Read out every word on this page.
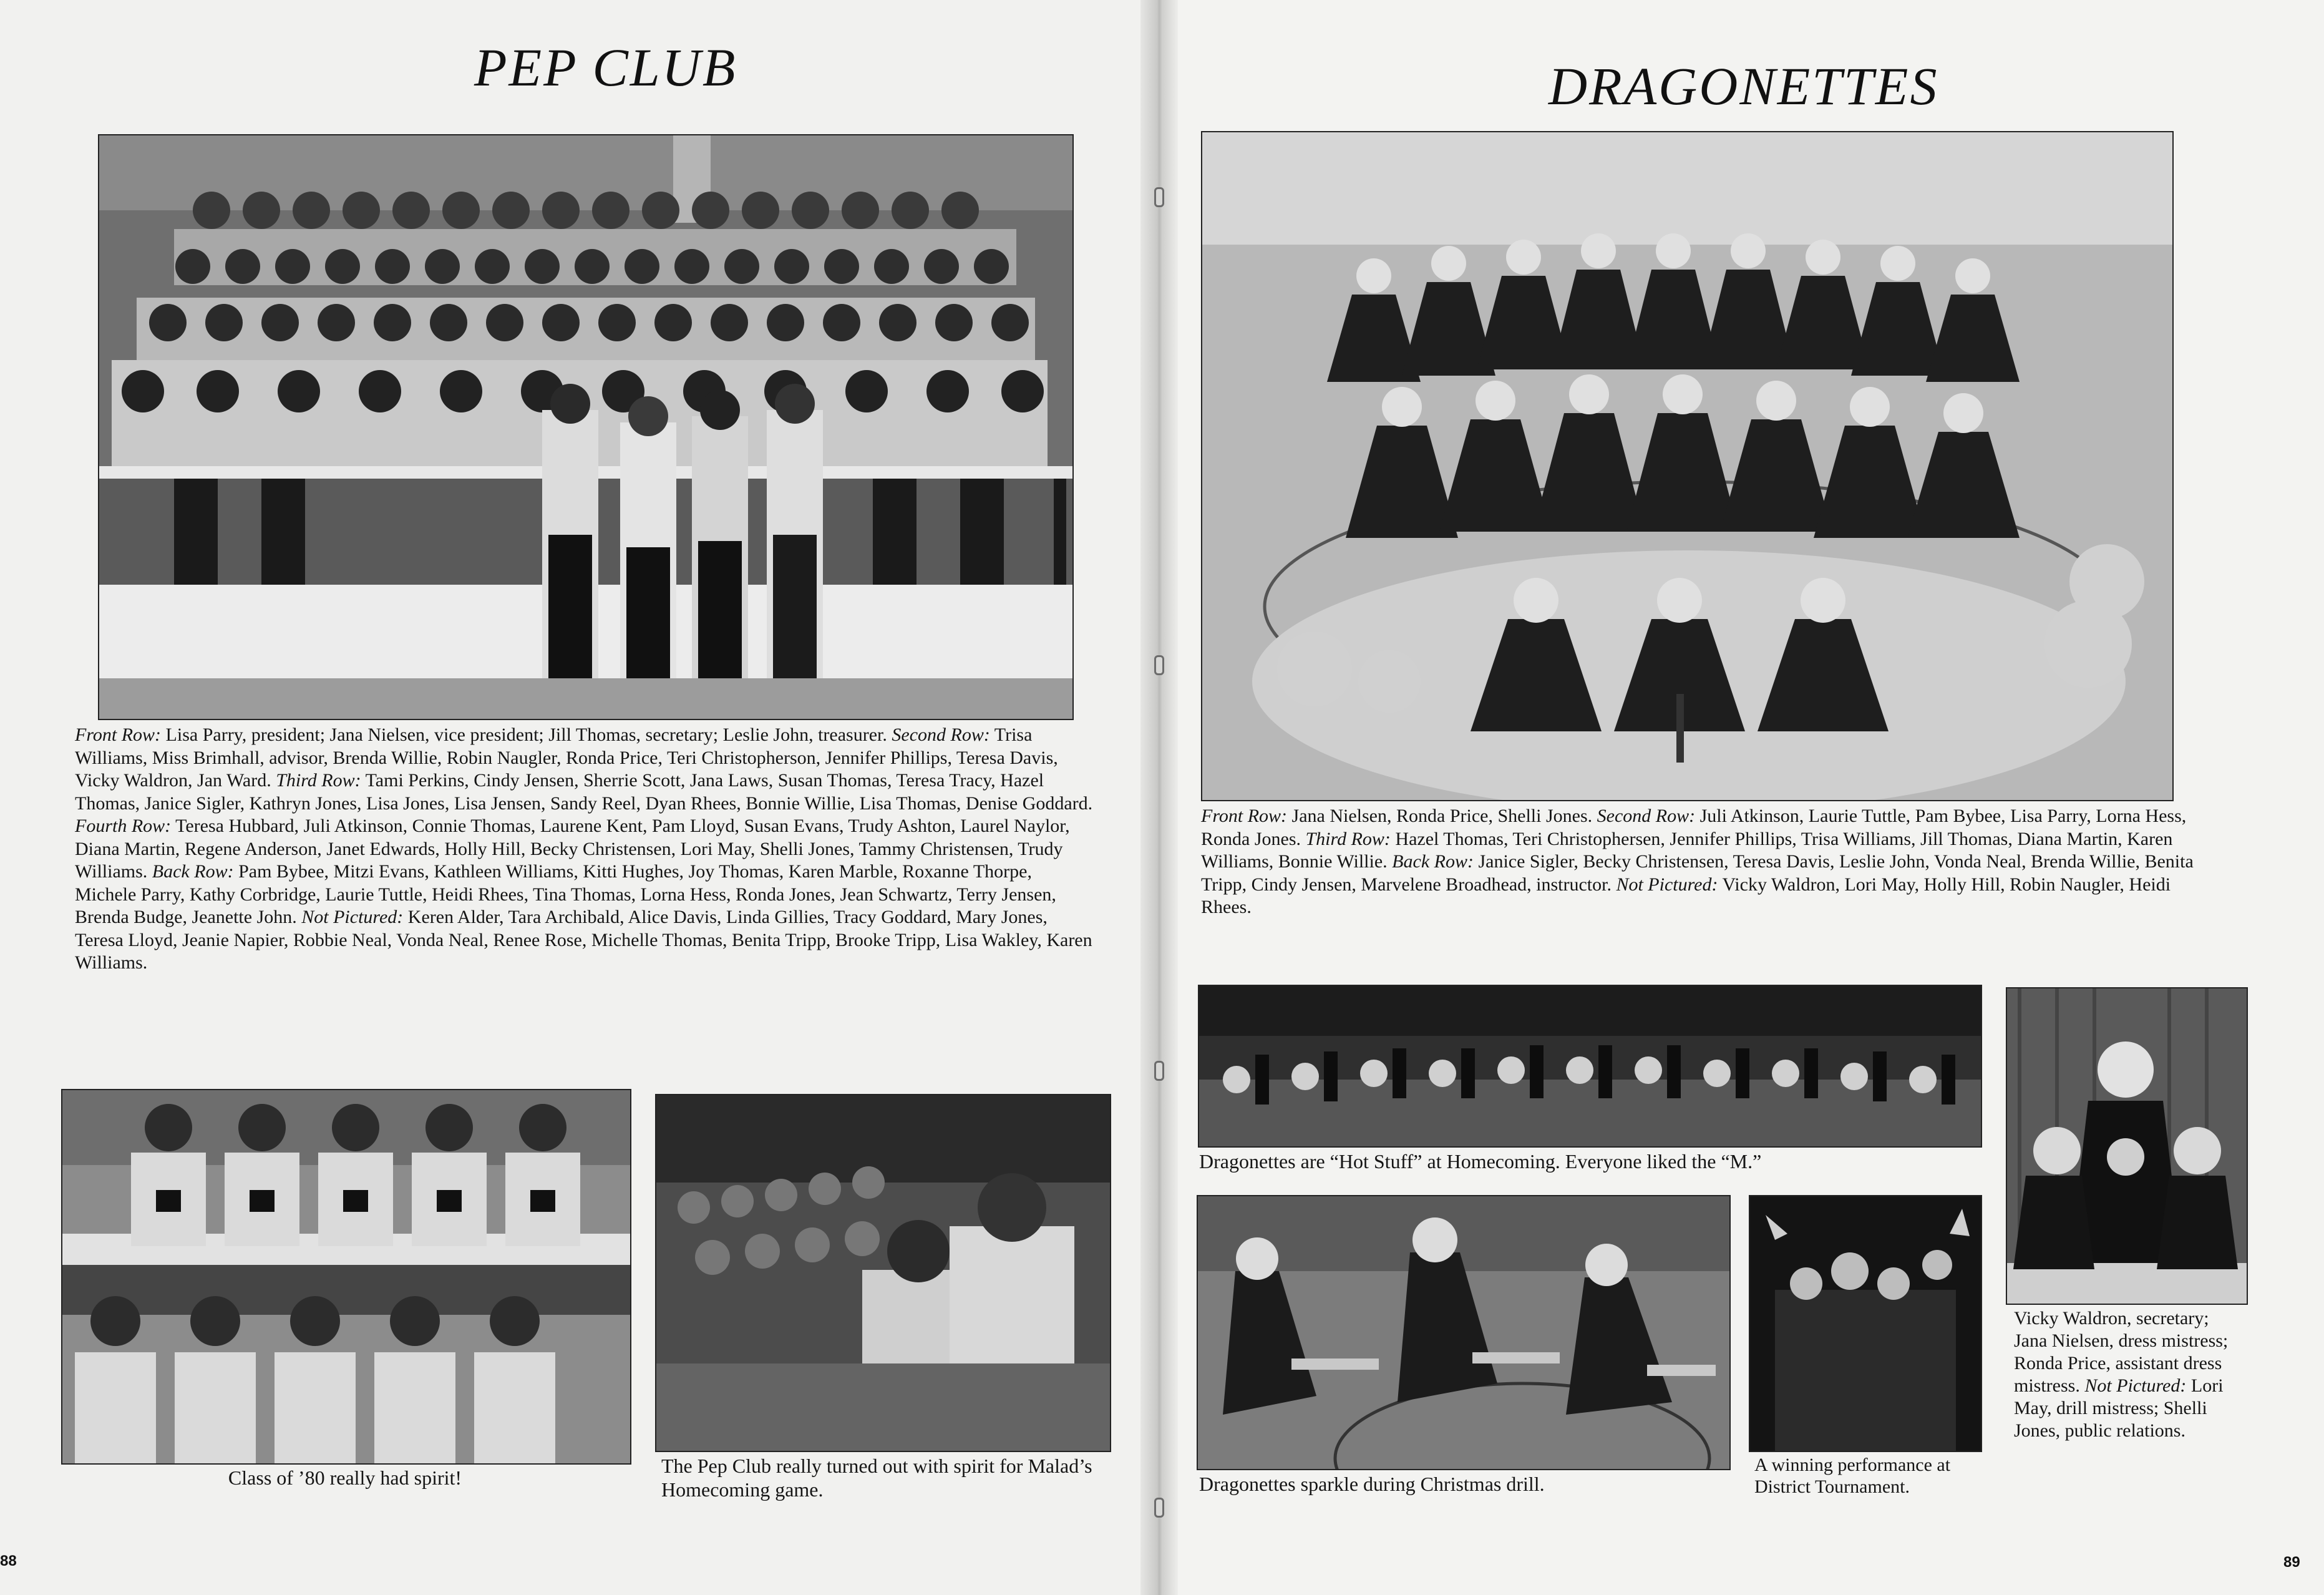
PEP CLUB
Front Row: Lisa Parry, president; Jana Nielsen, vice president; Jill Thomas, secretary; Leslie John, treasurer. Second Row: Trisa Williams, Miss Brimhall, advisor, Brenda Willie, Robin Naugler, Ronda Price, Teri Christopherson, Jennifer Phillips, Teresa Davis, Vicky Waldron, Jan Ward. Third Row: Tami Perkins, Cindy Jensen, Sherrie Scott, Jana Laws, Susan Thomas, Teresa Tracy, Hazel Thomas, Janice Sigler, Kathryn Jones, Lisa Jones, Lisa Jensen, Sandy Reel, Dyan Rhees, Bonnie Willie, Lisa Thomas, Denise Goddard. Fourth Row: Teresa Hubbard, Juli Atkinson, Connie Thomas, Laurene Kent, Pam Lloyd, Susan Evans, Trudy Ashton, Laurel Naylor, Diana Martin, Regene Anderson, Janet Edwards, Holly Hill, Becky Christensen, Lori May, Shelli Jones, Tammy Christensen, Trudy Williams. Back Row: Pam Bybee, Mitzi Evans, Kathleen Williams, Kitti Hughes, Joy Thomas, Karen Marble, Roxanne Thorpe, Michele Parry, Kathy Corbridge, Laurie Tuttle, Heidi Rhees, Tina Thomas, Lorna Hess, Ronda Jones, Jean Schwartz, Terry Jensen, Brenda Budge, Jeanette John. Not Pictured: Keren Alder, Tara Archibald, Alice Davis, Linda Gillies, Tracy Goddard, Mary Jones, Teresa Lloyd, Jeanie Napier, Robbie Neal, Vonda Neal, Renee Rose, Michelle Thomas, Benita Tripp, Brooke Tripp, Lisa Wakley, Karen Williams.
Class of ’80 really had spirit!
The Pep Club really turned out with spirit for Malad’s Homecoming game.
88
DRAGONETTES
Front Row: Jana Nielsen, Ronda Price, Shelli Jones. Second Row: Juli Atkinson, Laurie Tuttle, Pam Bybee, Lisa Parry, Lorna Hess, Ronda Jones. Third Row: Hazel Thomas, Teri Christophersen, Jennifer Phillips, Trisa Williams, Jill Thomas, Diana Martin, Karen Williams, Bonnie Willie. Back Row: Janice Sigler, Becky Christensen, Teresa Davis, Leslie John, Vonda Neal, Brenda Willie, Benita Tripp, Cindy Jensen, Marvelene Broadhead, instructor. Not Pictured: Vicky Waldron, Lori May, Holly Hill, Robin Naugler, Heidi Rhees.
Dragonettes are “Hot Stuff” at Homecoming. Everyone liked the “M.”
Vicky Waldron, secretary; Jana Nielsen, dress mistress; Ronda Price, assistant dress mistress. Not Pictured: Lori May, drill mistress; Shelli Jones, public relations.
Dragonettes sparkle during Christmas drill.
A winning performance at District Tournament.
89
